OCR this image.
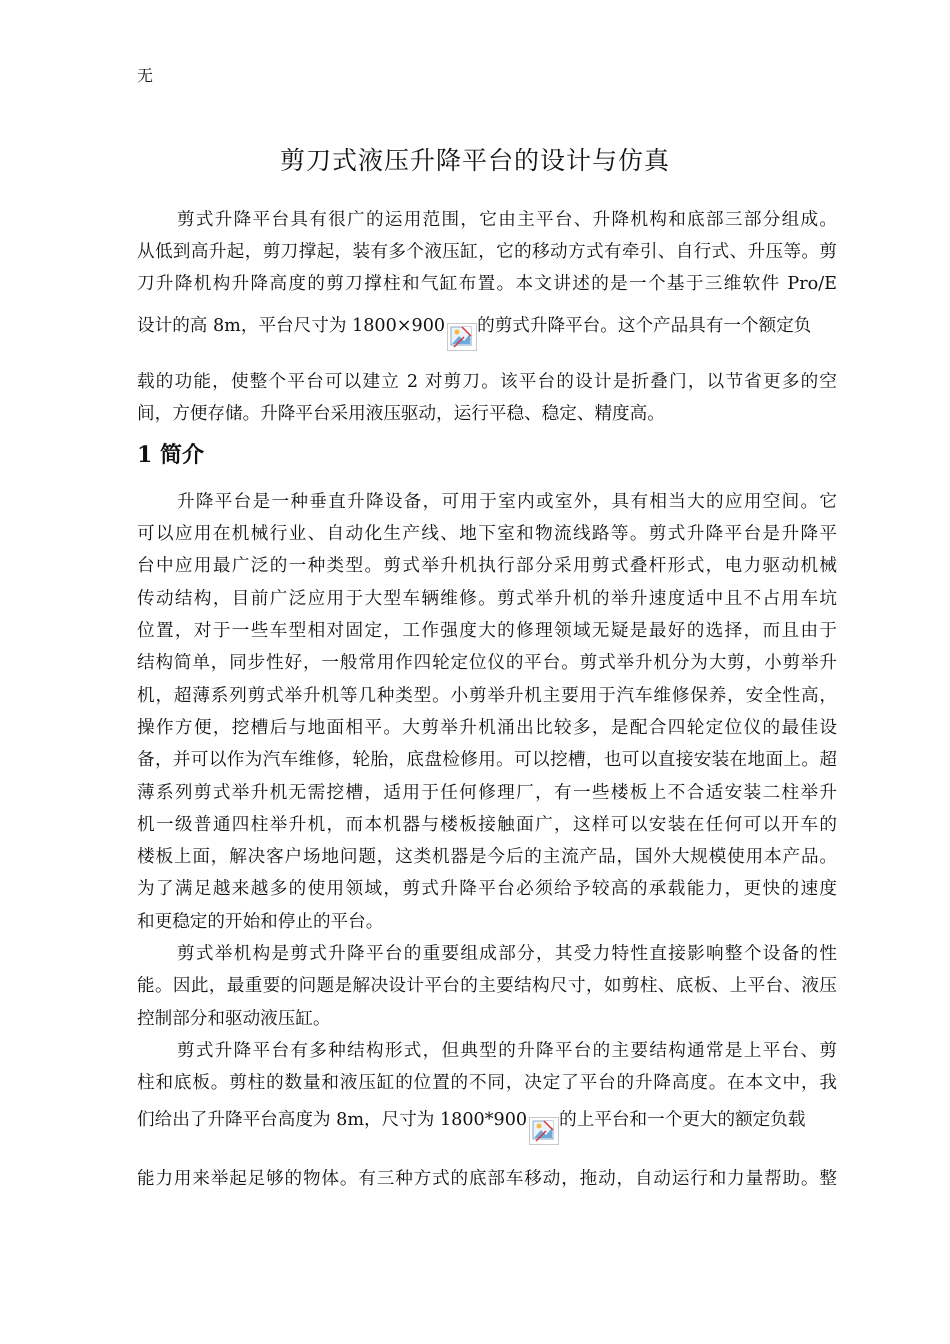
无
剪刀式液压升降平台的设计与仿真
剪式升降平台具有很广的运用范围，它由主平台、升降机构和底部三部分组成。
从低到高升起，剪刀撑起，装有多个液压缸，它的移动方式有牵引、自行式、升压等。剪
刀升降机构升降高度的剪刀撑柱和气缸布置。本文讲述的是一个基于三维软件 Pro/E
设计的高 8m，平台尺寸为 1800×900 的剪式升降平台。这个产品具有一个额定负
载的功能，使整个平台可以建立 2 对剪刀。该平台的设计是折叠门，以节省更多的空
间，方便存储。升降平台采用液压驱动，运行平稳、稳定、精度高。
1 简介
升降平台是一种垂直升降设备，可用于室内或室外，具有相当大的应用空间。它
可以应用在机械行业、自动化生产线、地下室和物流线路等。剪式升降平台是升降平
台中应用最广泛的一种类型。剪式举升机执行部分采用剪式叠杆形式，电力驱动机械
传动结构，目前广泛应用于大型车辆维修。剪式举升机的举升速度适中且不占用车坑
位置，对于一些车型相对固定，工作强度大的修理领域无疑是最好的选择，而且由于
结构简单，同步性好，一般常用作四轮定位仪的平台。剪式举升机分为大剪，小剪举升
机，超薄系列剪式举升机等几种类型。小剪举升机主要用于汽车维修保养，安全性高，
操作方便，挖槽后与地面相平。大剪举升机涌出比较多，是配合四轮定位仪的最佳设
备，并可以作为汽车维修，轮胎，底盘检修用。可以挖槽，也可以直接安装在地面上。超
薄系列剪式举升机无需挖槽，适用于任何修理厂，有一些楼板上不合适安装二柱举升
机一级普通四柱举升机，而本机器与楼板接触面广，这样可以安装在任何可以开车的
楼板上面，解决客户场地问题，这类机器是今后的主流产品，国外大规模使用本产品。
为了满足越来越多的使用领域，剪式升降平台必须给予较高的承载能力，更快的速度
和更稳定的开始和停止的平台。
剪式举机构是剪式升降平台的重要组成部分，其受力特性直接影响整个设备的性
能。因此，最重要的问题是解决设计平台的主要结构尺寸，如剪柱、底板、上平台、液压
控制部分和驱动液压缸。
剪式升降平台有多种结构形式，但典型的升降平台的主要结构通常是上平台、剪
柱和底板。剪柱的数量和液压缸的位置的不同，决定了平台的升降高度。在本文中，我
们给出了升降平台高度为 8m，尺寸为 1800*900 的上平台和一个更大的额定负载
能力用来举起足够的物体。有三种方式的底部车移动，拖动，自动运行和力量帮助。整
